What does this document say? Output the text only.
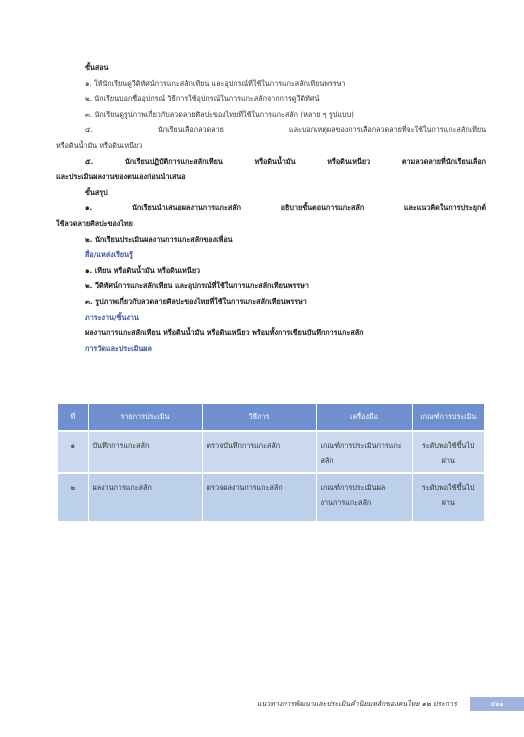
ขั้นสอน
๑. ให้นักเรียนดูวีดิทัศน์การแกะสลักเทียน และอุปกรณ์ที่ใช้ในการแกะสลักเทียนพรรษา
๒. นักเรียนบอกชื่ออุปกรณ์ วิธีการใช้อุปกรณ์ในการแกะสลักจากการดูวีดิทัศน์
๓. นักเรียนดูรูปภาพเกี่ยวกับลวดลายศิลปะของไทยที่ใช้ในการแกะสลัก (หลาย ๆ รูปแบบ)
๔. นักเรียนเลือกลวดลาย และบอกเหตุผลของการเลือกลวดลายที่จะใช้ในการแกะสลักเทียน
หรือดินน้ำมัน หรือดินเหนียว
๕. นักเรียนปฏิบัติการแกะสลักเทียน หรือดินน้ำมัน หรือดินเหนียว ตามลวดลายที่นักเรียนเลือก
และประเมินผลงานของตนเองก่อนนำเสนอ
ขั้นสรุป
๑. นักเรียนนำเสนอผลงานการแกะสลัก อธิบายขั้นตอนการแกะสลัก และแนวคิดในการประยุกต์
ใช้ลวดลายศิลปะของไทย
๒. นักเรียนประเมินผลงานการแกะสลักของเพื่อน
สื่อ/แหล่งเรียนรู้
๑. เทียน หรือดินน้ำมัน หรือดินเหนียว
๒. วีดิทัศน์การแกะสลักเทียน และอุปกรณ์ที่ใช้ในการแกะสลักเทียนพรรษา
๓. รูปภาพเกี่ยวกับลวดลายศิลปะของไทยที่ใช้ในการแกะสลักเทียนพรรษา
ภาระงาน/ชิ้นงาน
ผลงานการแกะสลักเทียน หรือดินน้ำมัน หรือดินเหนียว พร้อมทั้งการเขียนบันทึกการแกะสลัก
การวัดและประเมินผล
ที่	รายการประเมิน	วิธีการ	เครื่องมือ	เกณฑ์การประเมิน
๑	บันทึกการแกะสลัก	ตรวจบันทึกการแกะสลัก	เกณฑ์การประเมินการแกะสลัก	ระดับพอใช้ขึ้นไปผ่าน
๒	ผลงานการแกะสลัก	ตรวจผลงานการแกะสลัก	เกณฑ์การประเมินผลงานการแกะสลัก	ระดับพอใช้ขึ้นไปผ่าน
แนวทางการพัฒนาและประเมินคำนิยมหลักของคนไทย ๑๒ ประการ	๕๒๑
